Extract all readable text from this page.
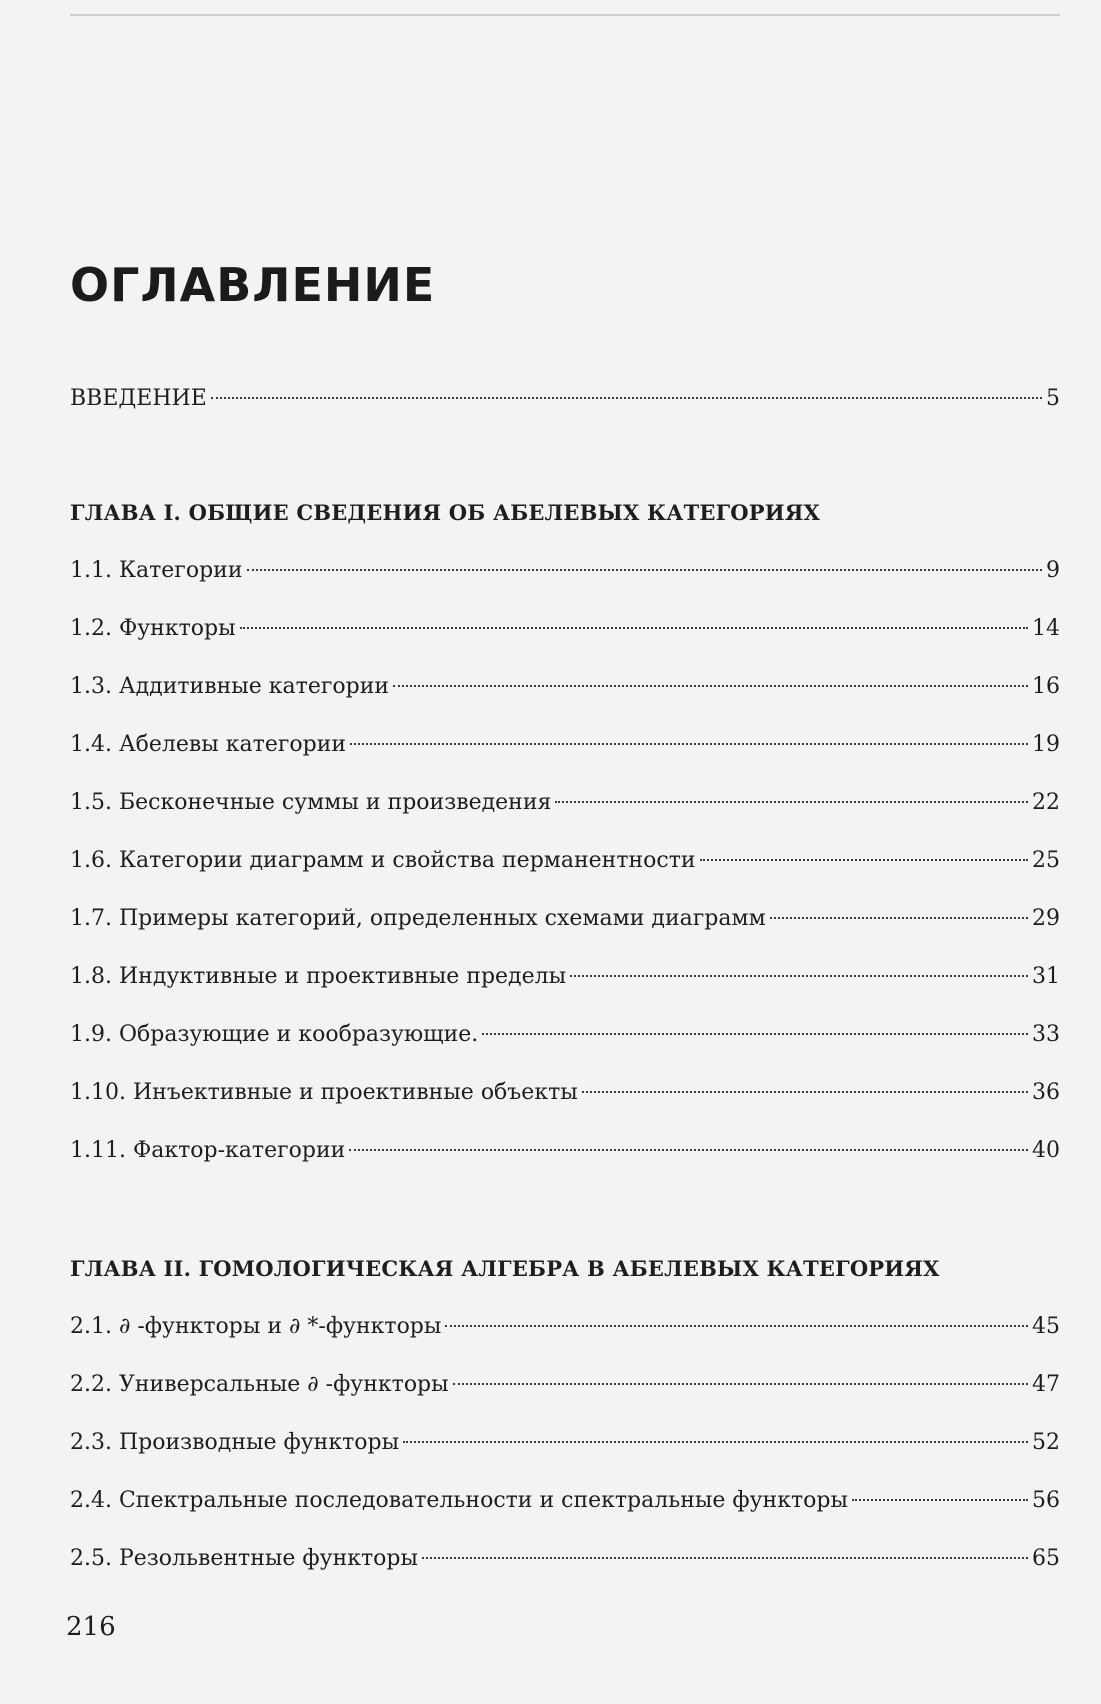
ОГЛАВЛЕНИЕ
ВВЕДЕНИЕ	5
ГЛАВА I. ОБЩИЕ СВЕДЕНИЯ ОБ АБЕЛЕВЫХ КАТЕГОРИЯХ
1.1. Категории	9
1.2. Функторы	14
1.3. Аддитивные категории	16
1.4. Абелевы категории	19
1.5. Бесконечные суммы и произведения	22
1.6. Категории диаграмм и свойства перманентности	25
1.7. Примеры категорий, определенных схемами диаграмм	29
1.8. Индуктивные и проективные пределы	31
1.9. Образующие и кообразующие.	33
1.10. Инъективные и проективные объекты	36
1.11. Фактор-категории	40
ГЛАВА II. ГОМОЛОГИЧЕСКАЯ АЛГЕБРА В АБЕЛЕВЫХ КАТЕГОРИЯХ
2.1. ∂ -функторы и ∂ *-функторы	45
2.2. Универсальные ∂ -функторы	47
2.3. Производные функторы	52
2.4. Спектральные последовательности и спектральные функторы	56
2.5. Резольвентные функторы	65
216
